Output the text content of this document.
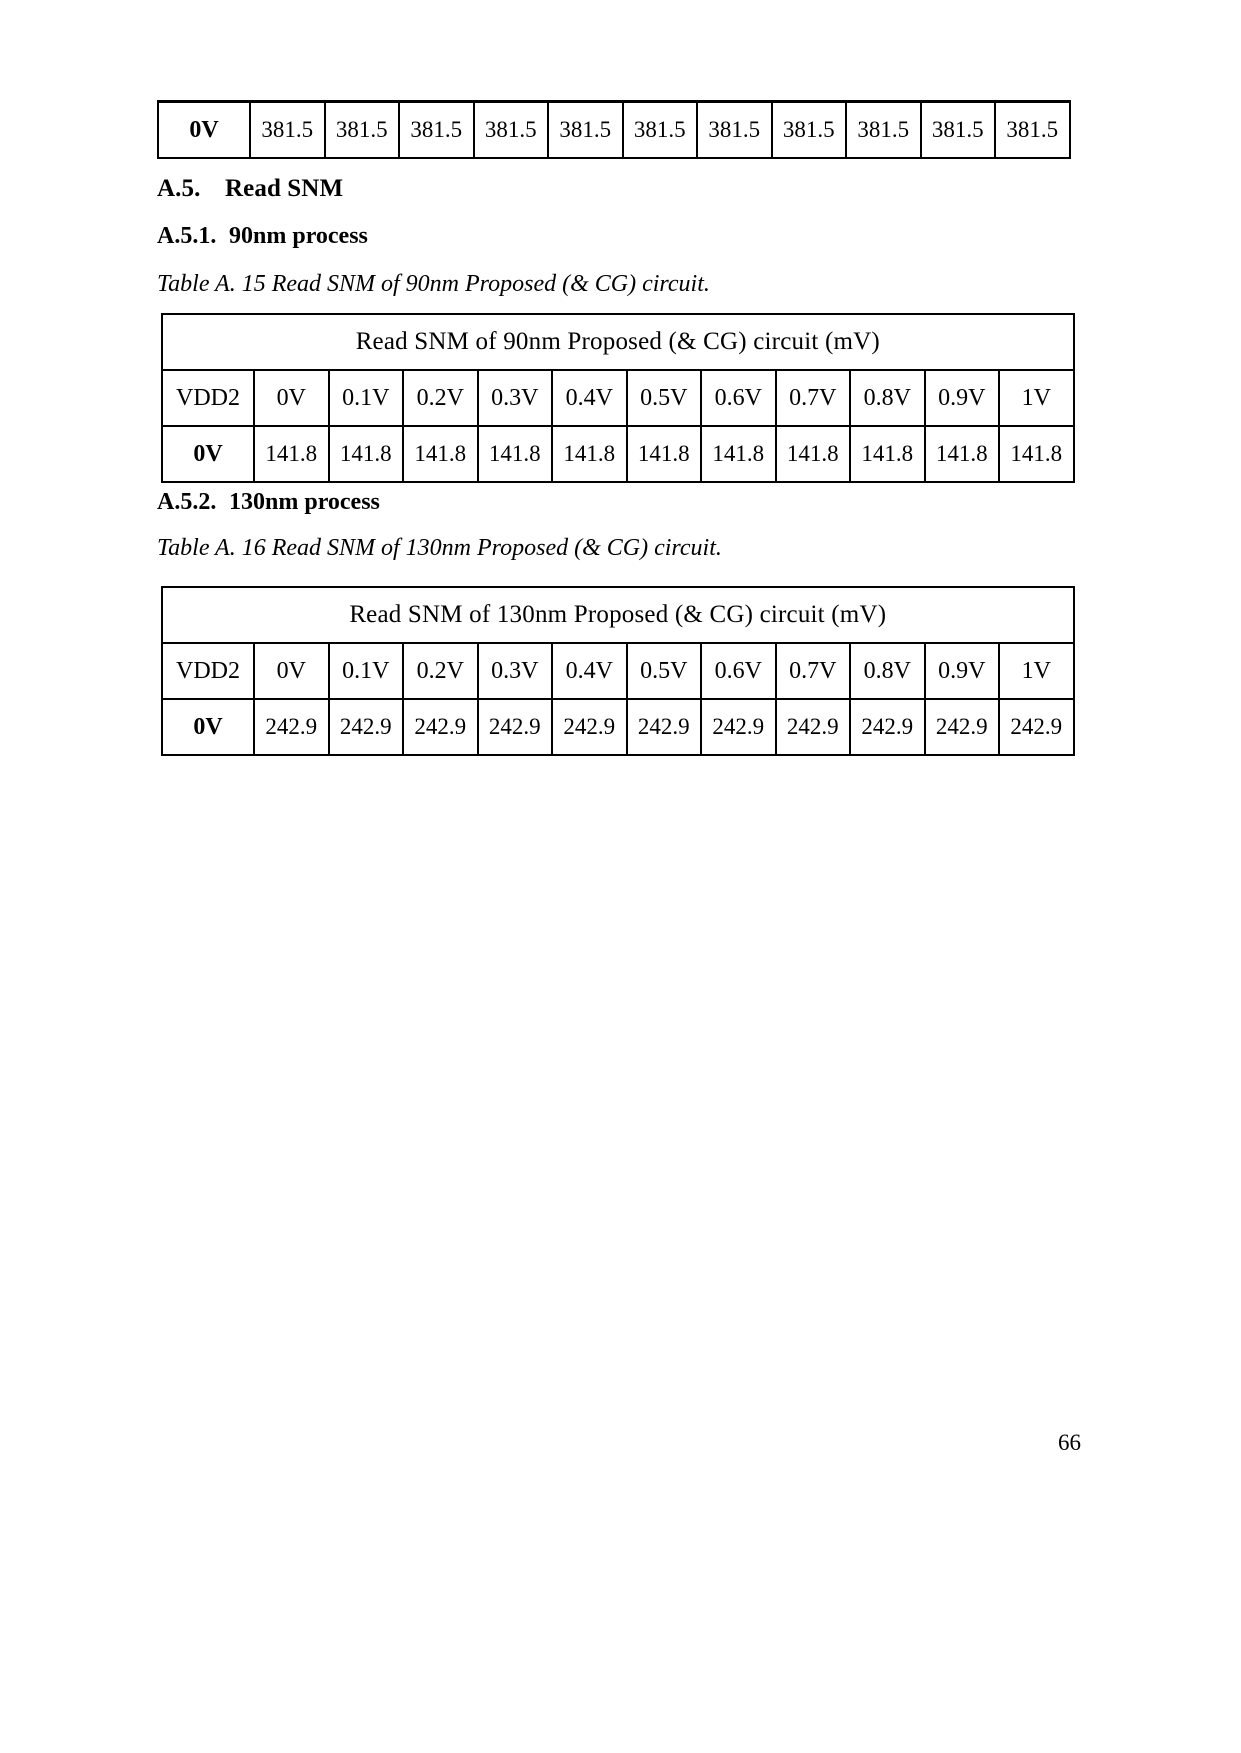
0V	381.5	381.5	381.5	381.5	381.5	381.5	381.5	381.5	381.5	381.5	381.5
A.5. Read SNM
A.5.1. 90nm process

Table A. 15 Read SNM of 90nm Proposed (& CG) circuit.

Read SNM of 90nm Proposed (& CG) circuit (mV)											
VDD2	0V	0.1V	0.2V	0.3V	0.4V	0.5V	0.6V	0.7V	0.8V	0.9V	1V
0V	141.8	141.8	141.8	141.8	141.8	141.8	141.8	141.8	141.8	141.8	141.8
A.5.2. 130nm process

Table A. 16 Read SNM of 130nm Proposed (& CG) circuit.

Read SNM of 130nm Proposed (& CG) circuit (mV)											
VDD2	0V	0.1V	0.2V	0.3V	0.4V	0.5V	0.6V	0.7V	0.8V	0.9V	1V
0V	242.9	242.9	242.9	242.9	242.9	242.9	242.9	242.9	242.9	242.9	242.9
66
